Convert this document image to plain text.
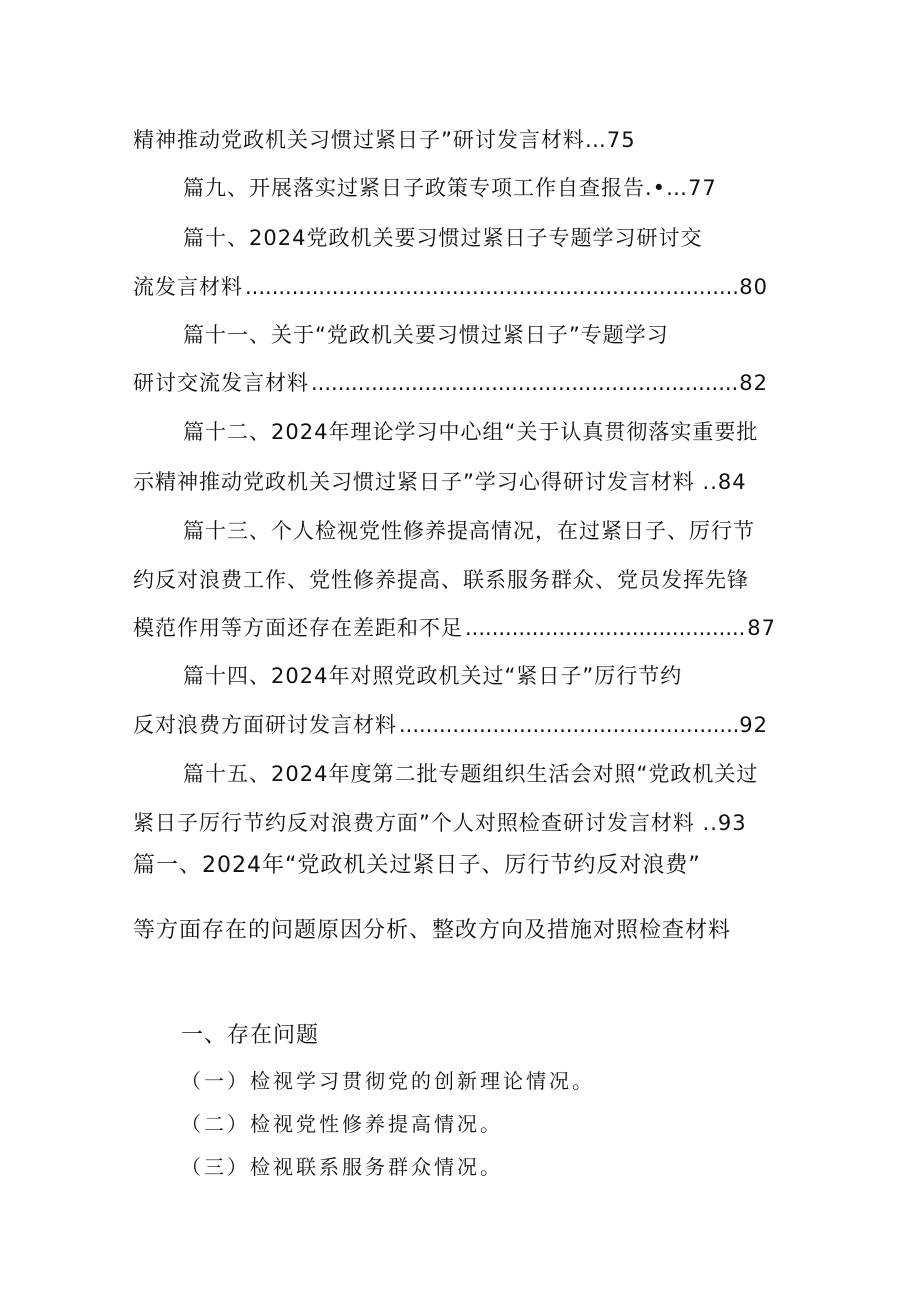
精神推动党政机关习惯过紧日子”研讨发言材料…75
篇九、开展落实过紧日子政策专项工作自查报告.•…77
篇十、2024党政机关要习惯过紧日子专题学习研讨交
流发言材料 .....	80
篇十一、关于“党政机关要习惯过紧日子”专题学习
研讨交流发言材料 .....	82
篇十二、2024年理论学习中心组“关于认真贯彻落实重要批
示精神推动党政机关习惯过紧日子”学习心得研讨发言材料 ..84
篇十三、个人检视党性修养提高情况，在过紧日子、厉行节
约反对浪费工作、党性修养提高、联系服务群众、党员发挥先锋
模范作用等方面还存在差距和不足 .....	87
篇十四、2024年对照党政机关过“紧日子”厉行节约
反对浪费方面研讨发言材料 .....	92
篇十五、2024年度第二批专题组织生活会对照“党政机关过
紧日子厉行节约反对浪费方面”个人对照检查研讨发言材料 ..93
篇一、2024年“党政机关过紧日子、厉行节约反对浪费”
等方面存在的问题原因分析、整改方向及措施对照检查材料
一、存在问题
（一）检视学习贯彻党的创新理论情况。
（二）检视党性修养提高情况。
（三）检视联系服务群众情况。
